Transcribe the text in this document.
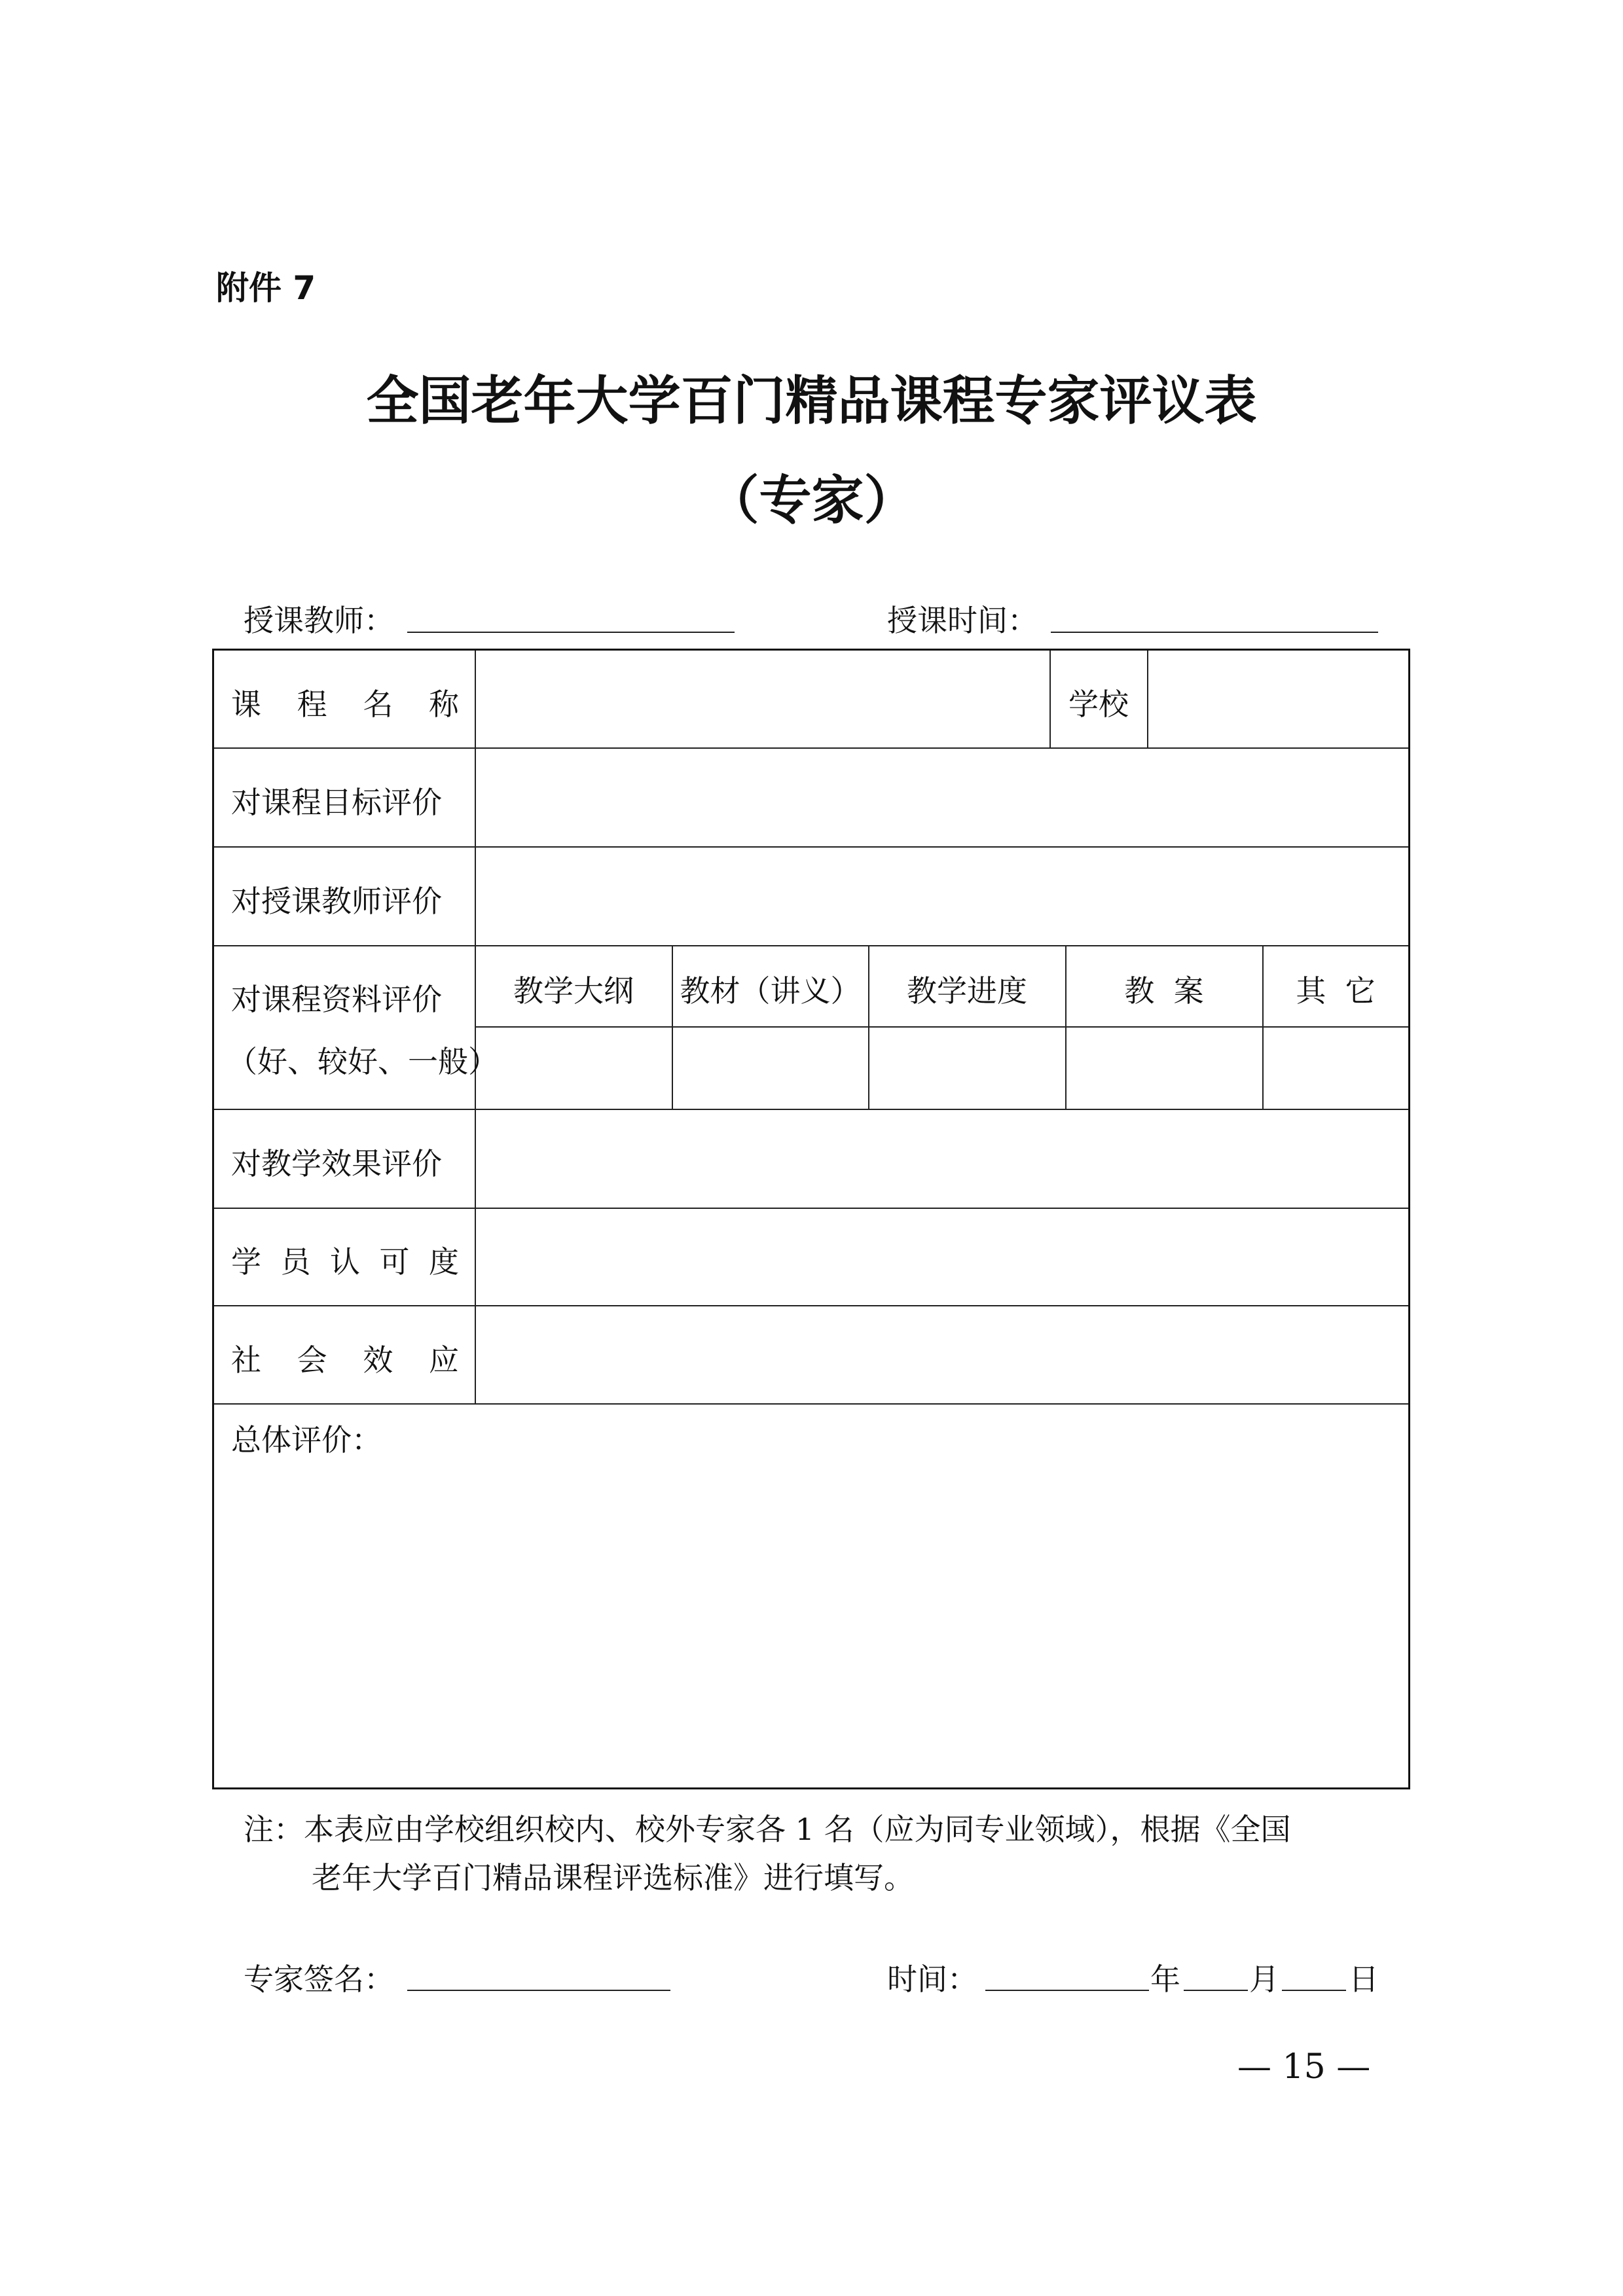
附件 7
全国老年大学百门精品课程专家评议表
（专家）
授课教师：	授课时间：
课 程 名 称	学校
对课程目标评价
对授课教师评价
对课程资料评价
（好、较好、一般）
教学大纲	教材（讲义）	教学进度	教  案	其  它
对教学效果评价
学 员 认 可 度
社 会 效 应
总体评价：
注：本表应由学校组织校内、校外专家各 1 名（应为同专业领域），根据《全国
老年大学百门精品课程评选标准》进行填写。
专家签名：	时间：	年 月 日
— 15 —
